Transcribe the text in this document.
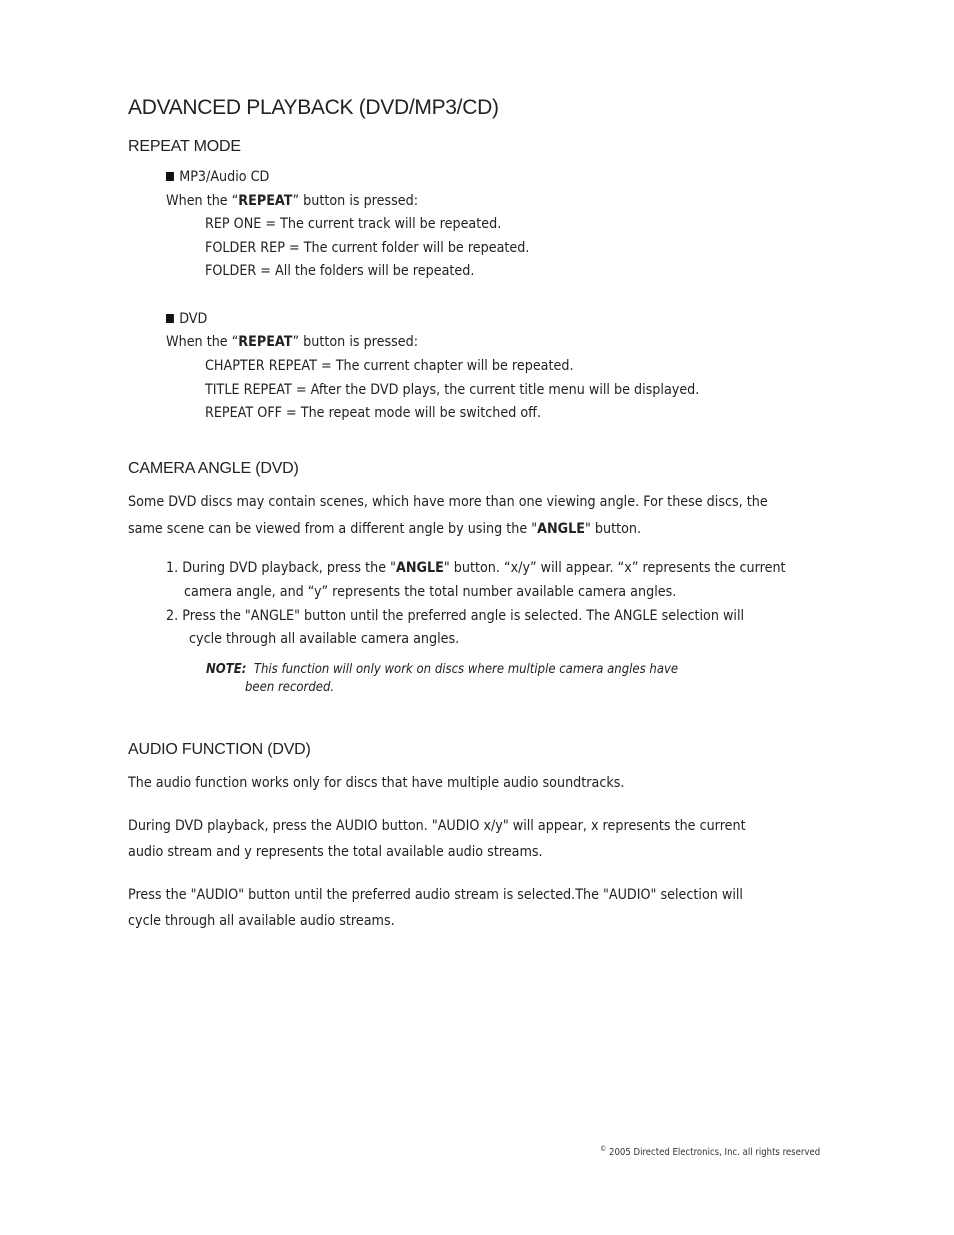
ADVANCED PLAYBACK (DVD/MP3/CD)
REPEAT MODE
MP3/Audio CD
When the “REPEAT” button is pressed:
REP ONE = The current track will be repeated.
FOLDER REP = The current folder will be repeated.
FOLDER = All the folders will be repeated.
DVD
When the “REPEAT” button is pressed:
CHAPTER REPEAT = The current chapter will be repeated.
TITLE REPEAT = After the DVD plays, the current title menu will be displayed.
REPEAT OFF = The repeat mode will be switched off.
CAMERA ANGLE (DVD)
Some DVD discs may contain scenes, which have more than one viewing angle. For these discs, the
same scene can be viewed from a different angle by using the "ANGLE" button.
1. During DVD playback, press the "ANGLE" button. “x/y” will appear. “x” represents the current
camera angle, and “y” represents the total number available camera angles.
2. Press the "ANGLE" button until the preferred angle is selected. The ANGLE selection will
cycle through all available camera angles.
NOTE: This function will only work on discs where multiple camera angles have
been recorded.
AUDIO FUNCTION (DVD)
The audio function works only for discs that have multiple audio soundtracks.
During DVD playback, press the AUDIO button. "AUDIO x/y" will appear, x represents the current
audio stream and y represents the total available audio streams.
Press the "AUDIO" button until the preferred audio stream is selected.The "AUDIO" selection will
cycle through all available audio streams.
© 2005 Directed Electronics, Inc. all rights reserved
